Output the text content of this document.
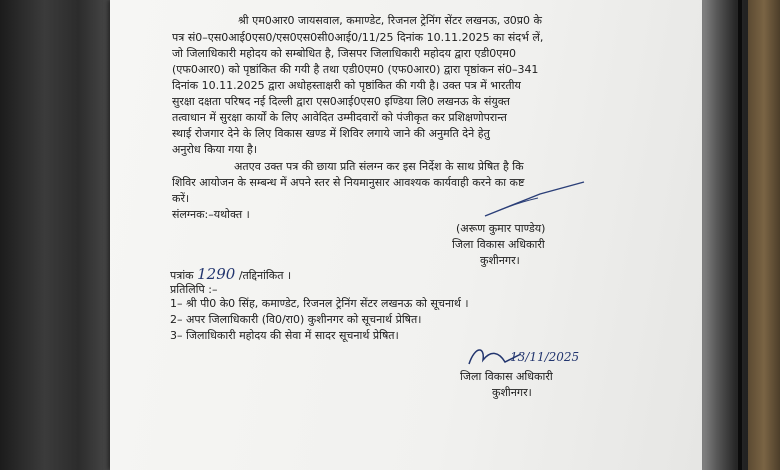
श्री एम0आर0 जायसवाल, कमाण्डेट, रिजनल ट्रेनिंग सेंटर लखनऊ, उ0प्र0 के
पत्र सं0–एस0आई0एस0/एस0एस0सी0आई0/11/25 दिनांक 10.11.2025 का संदर्भ लें,
जो जिलाधिकारी महोदय को सम्बोधित है, जिसपर जिलाधिकारी महोदय द्वारा एडी0एम0
(एफ0आर0) को पृष्ठांकित की गयी है तथा एडी0एम0 (एफ0आर0) द्वारा पृष्ठांकन सं0–341
दिनांक 10.11.2025 द्वारा अधोहस्ताक्षरी को पृष्ठांकित की गयी है। उक्त पत्र में भारतीय
सुरक्षा दक्षता परिषद नई दिल्ली द्वारा एस0आई0एस0 इण्डिया लि0 लखनऊ के संयुक्त
तत्वाधान में सुरक्षा कार्यों के लिए आवेदित उम्मीदवारों को पंजीकृत कर प्रशिक्षणोपरान्त
स्थाई रोजगार देने के लिए विकास खण्ड में शिविर लगाये जाने की अनुमति देने हेतु
अनुरोध किया गया है।
अतएव उक्त पत्र की छाया प्रति संलग्न कर इस निर्देश के साथ प्रेषित है कि
शिविर आयोजन के सम्बन्ध में अपने स्तर से नियमानुसार आवश्यक कार्यवाही करने का कष्ट
करें।
संलग्नक:–यथोक्त ।
(अरूण कुमार पाण्डेय)
जिला विकास अधिकारी
कुशीनगर।
पत्रांक 1290 /तद्दिनांकित ।
प्रतिलिपि :–
1– श्री पी0 के0 सिंह, कमाण्डेट, रिजनल ट्रेनिंग सेंटर लखनऊ को सूचनार्थ ।
2– अपर जिलाधिकारी (वि0/रा0) कुशीनगर को सूचनार्थ प्रेषित।
3– जिलाधिकारी महोदय की सेवा में सादर सूचनार्थ प्रेषित।
13/11/2025
जिला विकास अधिकारी
कुशीनगर।
